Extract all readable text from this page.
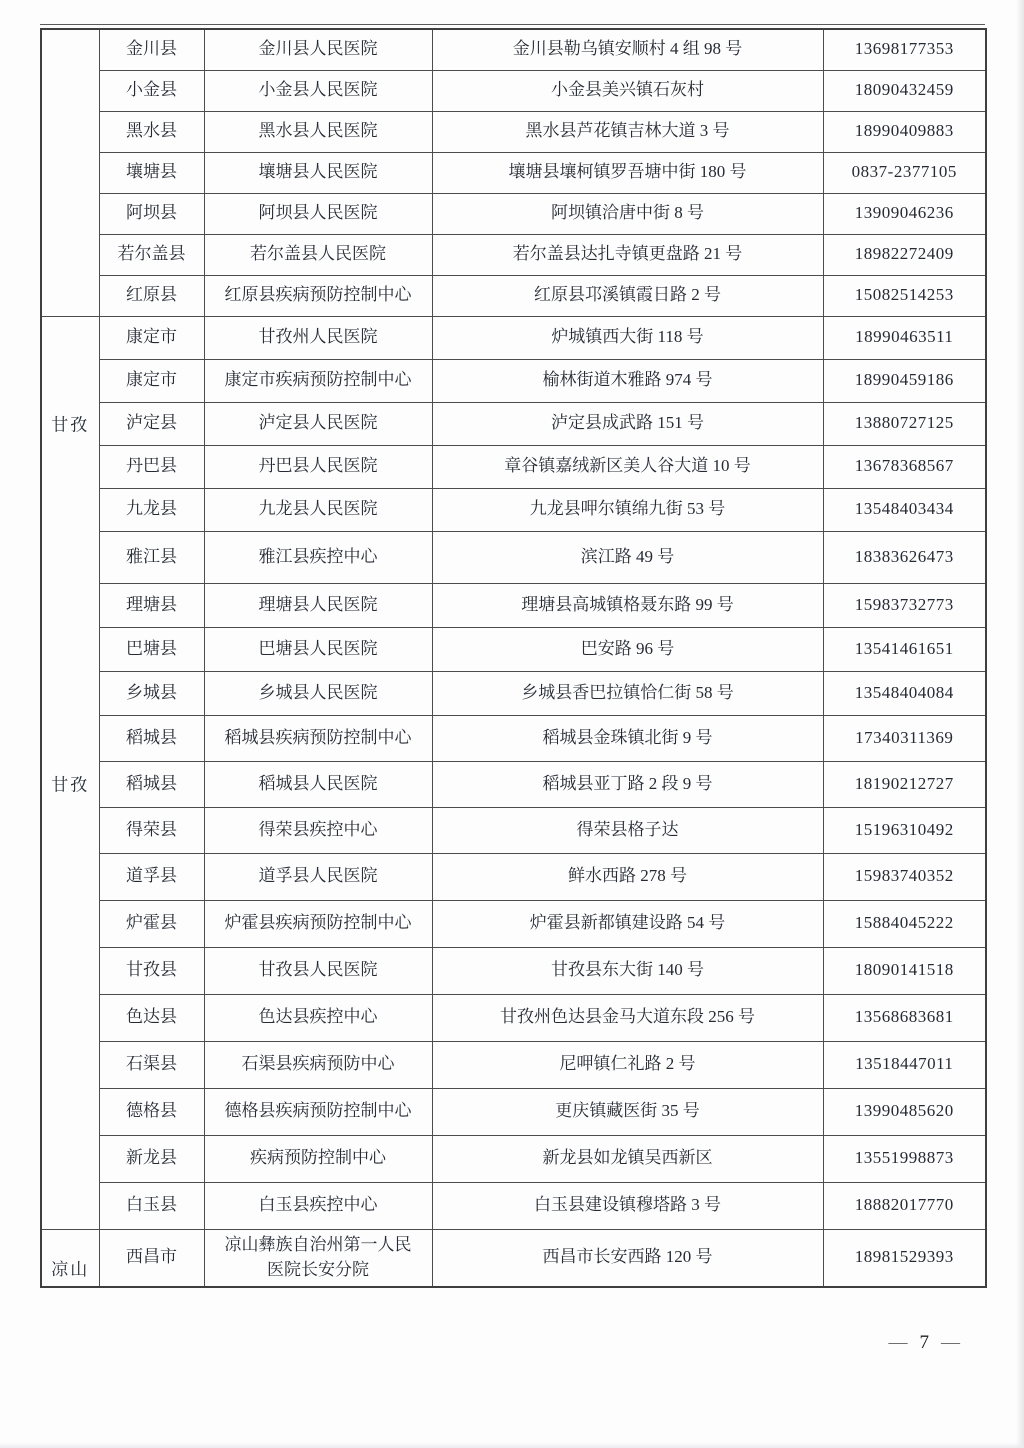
	金川县	金川县人民医院	金川县勒乌镇安顺村 4 组 98 号	13698177353
	小金县	小金县人民医院	小金县美兴镇石灰村	18090432459
	黑水县	黑水县人民医院	黑水县芦花镇吉林大道 3 号	18990409883
	壤塘县	壤塘县人民医院	壤塘县壤柯镇罗吾塘中街 180 号	0837-2377105
	阿坝县	阿坝县人民医院	阿坝镇洽唐中街 8 号	13909046236
	若尔盖县	若尔盖县人民医院	若尔盖县达扎寺镇更盘路 21 号	18982272409
	红原县	红原县疾病预防控制中心	红原县邛溪镇霞日路 2 号	15082514253

甘孜
甘孜	康定市	甘孜州人民医院	炉城镇西大街 118 号	18990463511
	康定市	康定市疾病预防控制中心	榆林街道木雅路 974 号	18990459186
	泸定县	泸定县人民医院	泸定县成武路 151 号	13880727125
	丹巴县	丹巴县人民医院	章谷镇嘉绒新区美人谷大道 10 号	13678368567
	九龙县	九龙县人民医院	九龙县呷尔镇绵九街 53 号	13548403434
	雅江县	雅江县疾控中心	滨江路 49 号	18383626473
	理塘县	理塘县人民医院	理塘县高城镇格聂东路 99 号	15983732773
	巴塘县	巴塘县人民医院	巴安路 96 号	13541461651
	乡城县	乡城县人民医院	乡城县香巴拉镇恰仁街 58 号	13548404084
	稻城县	稻城县疾病预防控制中心	稻城县金珠镇北街 9 号	17340311369
	稻城县	稻城县人民医院	稻城县亚丁路 2 段 9 号	18190212727
	得荣县	得荣县疾控中心	得荣县格子达	15196310492
	道孚县	道孚县人民医院	鲜水西路 278 号	15983740352
	炉霍县	炉霍县疾病预防控制中心	炉霍县新都镇建设路 54 号	15884045222
	甘孜县	甘孜县人民医院	甘孜县东大街 140 号	18090141518
	色达县	色达县疾控中心	甘孜州色达县金马大道东段 256 号	13568683681
	石渠县	石渠县疾病预防中心	尼呷镇仁礼路 2 号	13518447011
	德格县	德格县疾病预防控制中心	更庆镇藏医街 35 号	13990485620
	新龙县	疾病预防控制中心	新龙县如龙镇吴西新区	13551998873
	白玉县	白玉县疾控中心	白玉县建设镇穆塔路 3 号	18882017770

凉山	西昌市	凉山彝族自治州第一人民医院长安分院	西昌市长安西路 120 号	18981529393
— 7 —
